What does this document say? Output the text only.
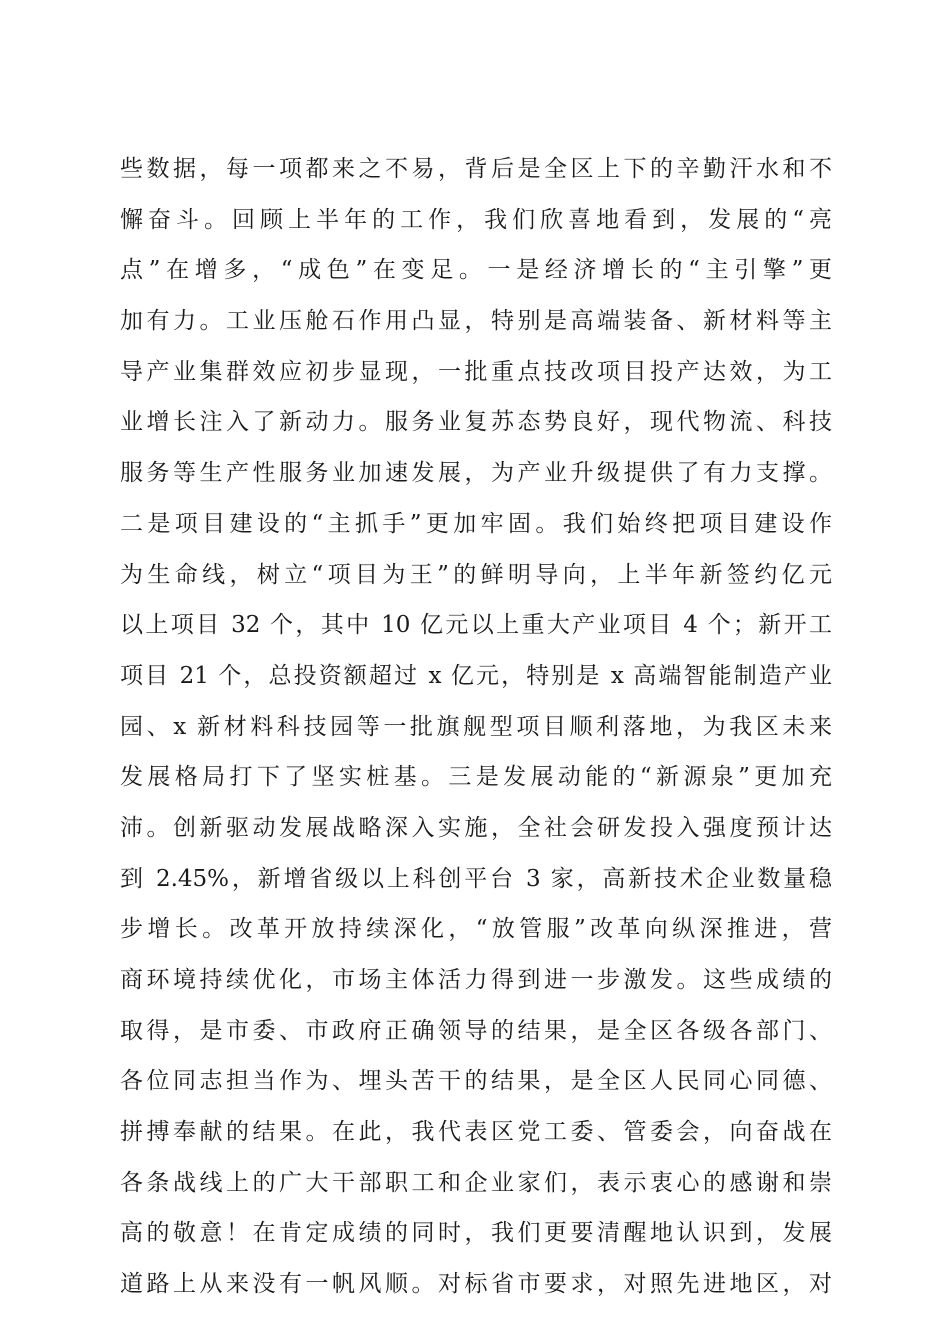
些数据，每一项都来之不易，背后是全区上下的辛勤汗水和不
懈奋斗。回顾上半年的工作，我们欣喜地看到，发展的“亮
点”在增多，“成色”在变足。一是经济增长的“主引擎”更
加有力。工业压舱石作用凸显，特别是高端装备、新材料等主
导产业集群效应初步显现，一批重点技改项目投产达效，为工
业增长注入了新动力。服务业复苏态势良好，现代物流、科技
服务等生产性服务业加速发展，为产业升级提供了有力支撑。
二是项目建设的“主抓手”更加牢固。我们始终把项目建设作
为生命线，树立“项目为王”的鲜明导向，上半年新签约亿元
以上项目 32 个，其中 10 亿元以上重大产业项目 4 个；新开工
项目 21 个，总投资额超过 x 亿元，特别是 x 高端智能制造产业
园、x 新材料科技园等一批旗舰型项目顺利落地，为我区未来
发展格局打下了坚实桩基。三是发展动能的“新源泉”更加充
沛。创新驱动发展战略深入实施，全社会研发投入强度预计达
到 2.45%，新增省级以上科创平台 3 家，高新技术企业数量稳
步增长。改革开放持续深化，“放管服”改革向纵深推进，营
商环境持续优化，市场主体活力得到进一步激发。这些成绩的
取得，是市委、市政府正确领导的结果，是全区各级各部门、
各位同志担当作为、埋头苦干的结果，是全区人民同心同德、
拼搏奉献的结果。在此，我代表区党工委、管委会，向奋战在
各条战线上的广大干部职工和企业家们，表示衷心的感谢和崇
高的敬意！在肯定成绩的同时，我们更要清醒地认识到，发展
道路上从来没有一帆风顺。对标省市要求，对照先进地区，对
